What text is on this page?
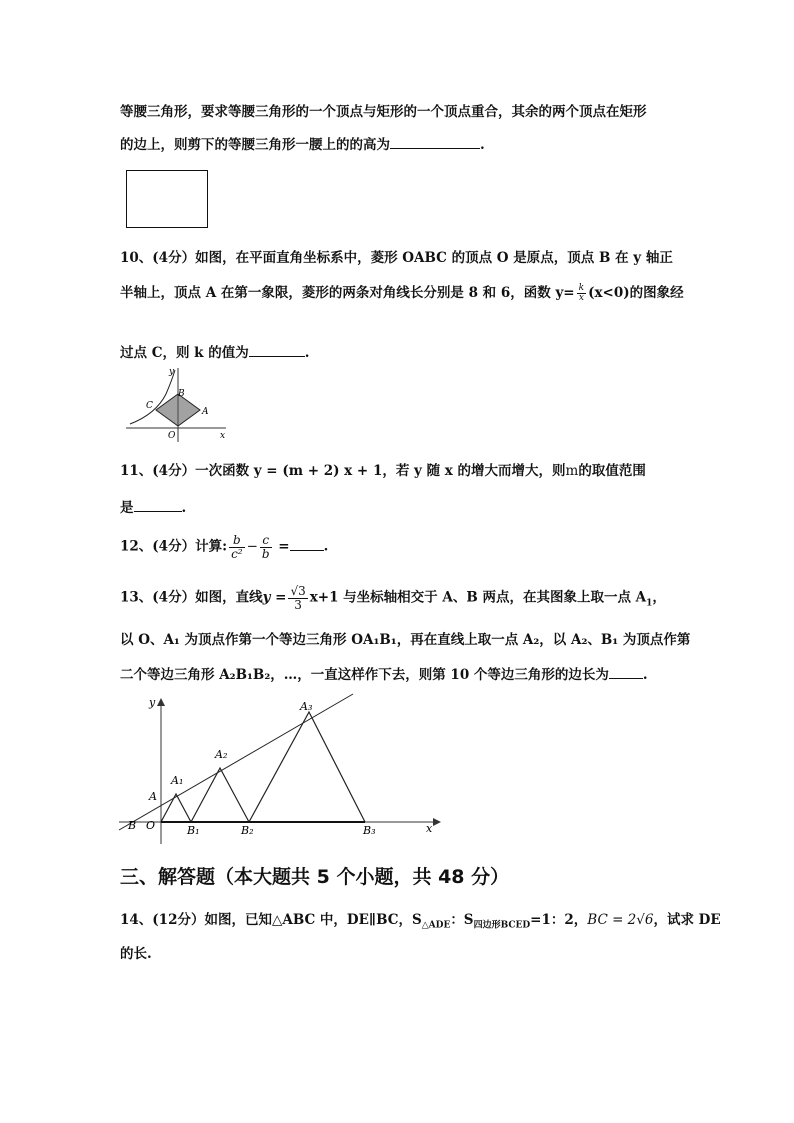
等腰三角形，要求等腰三角形的一个顶点与矩形的一个顶点重合，其余的两个顶点在矩形
的边上，则剪下的等腰三角形一腰上的的高为	.
10、(4分）如图，在平面直角坐标系中，菱形 OABC 的顶点 O 是原点，顶点 B 在 y 轴正
半轴上，顶点 A 在第一象限，菱形的两条对角线长分别是 8 和 6，函数 $y= \frac{k}{x} (x<0)$的图象经
过点 C，则 k 的值为	.
y
x
B
C
A
O
11、(4分）一次函数 y = (m + 2) x + 1，若 y 随 x 的增大而增大，则m的取值范围
是	.
12、(4分）计算: $\frac{b}{\text{c²}} - \frac{c}{b}$ =	.
13、(4分）如图，直线$y = \frac{√3}{3} x+1$ 与坐标轴相交于 A、B 两点，在其图象上取一点 $A_1$，
以 O、A₁ 为顶点作第一个等边三角形 OA₁B₁，再在直线上取一点 A₂，以 A₂、B₁ 为顶点作第
二个等边三角形 A₂B₁B₂，…，一直这样作下去，则第 10 个等边三角形的边长为	.
y
x
A
B O
A₁
A₂
A₃
B₁	B₂	B₃
三、解答题（本大题共 5 个小题，共 48 分）
14、(12分）如图，已知△ABC 中，DE∥BC，$S_{\triangle ADE}$：$S_{四边形BCED}=1$：2，BC = 2√6，试求 DE
的长.
